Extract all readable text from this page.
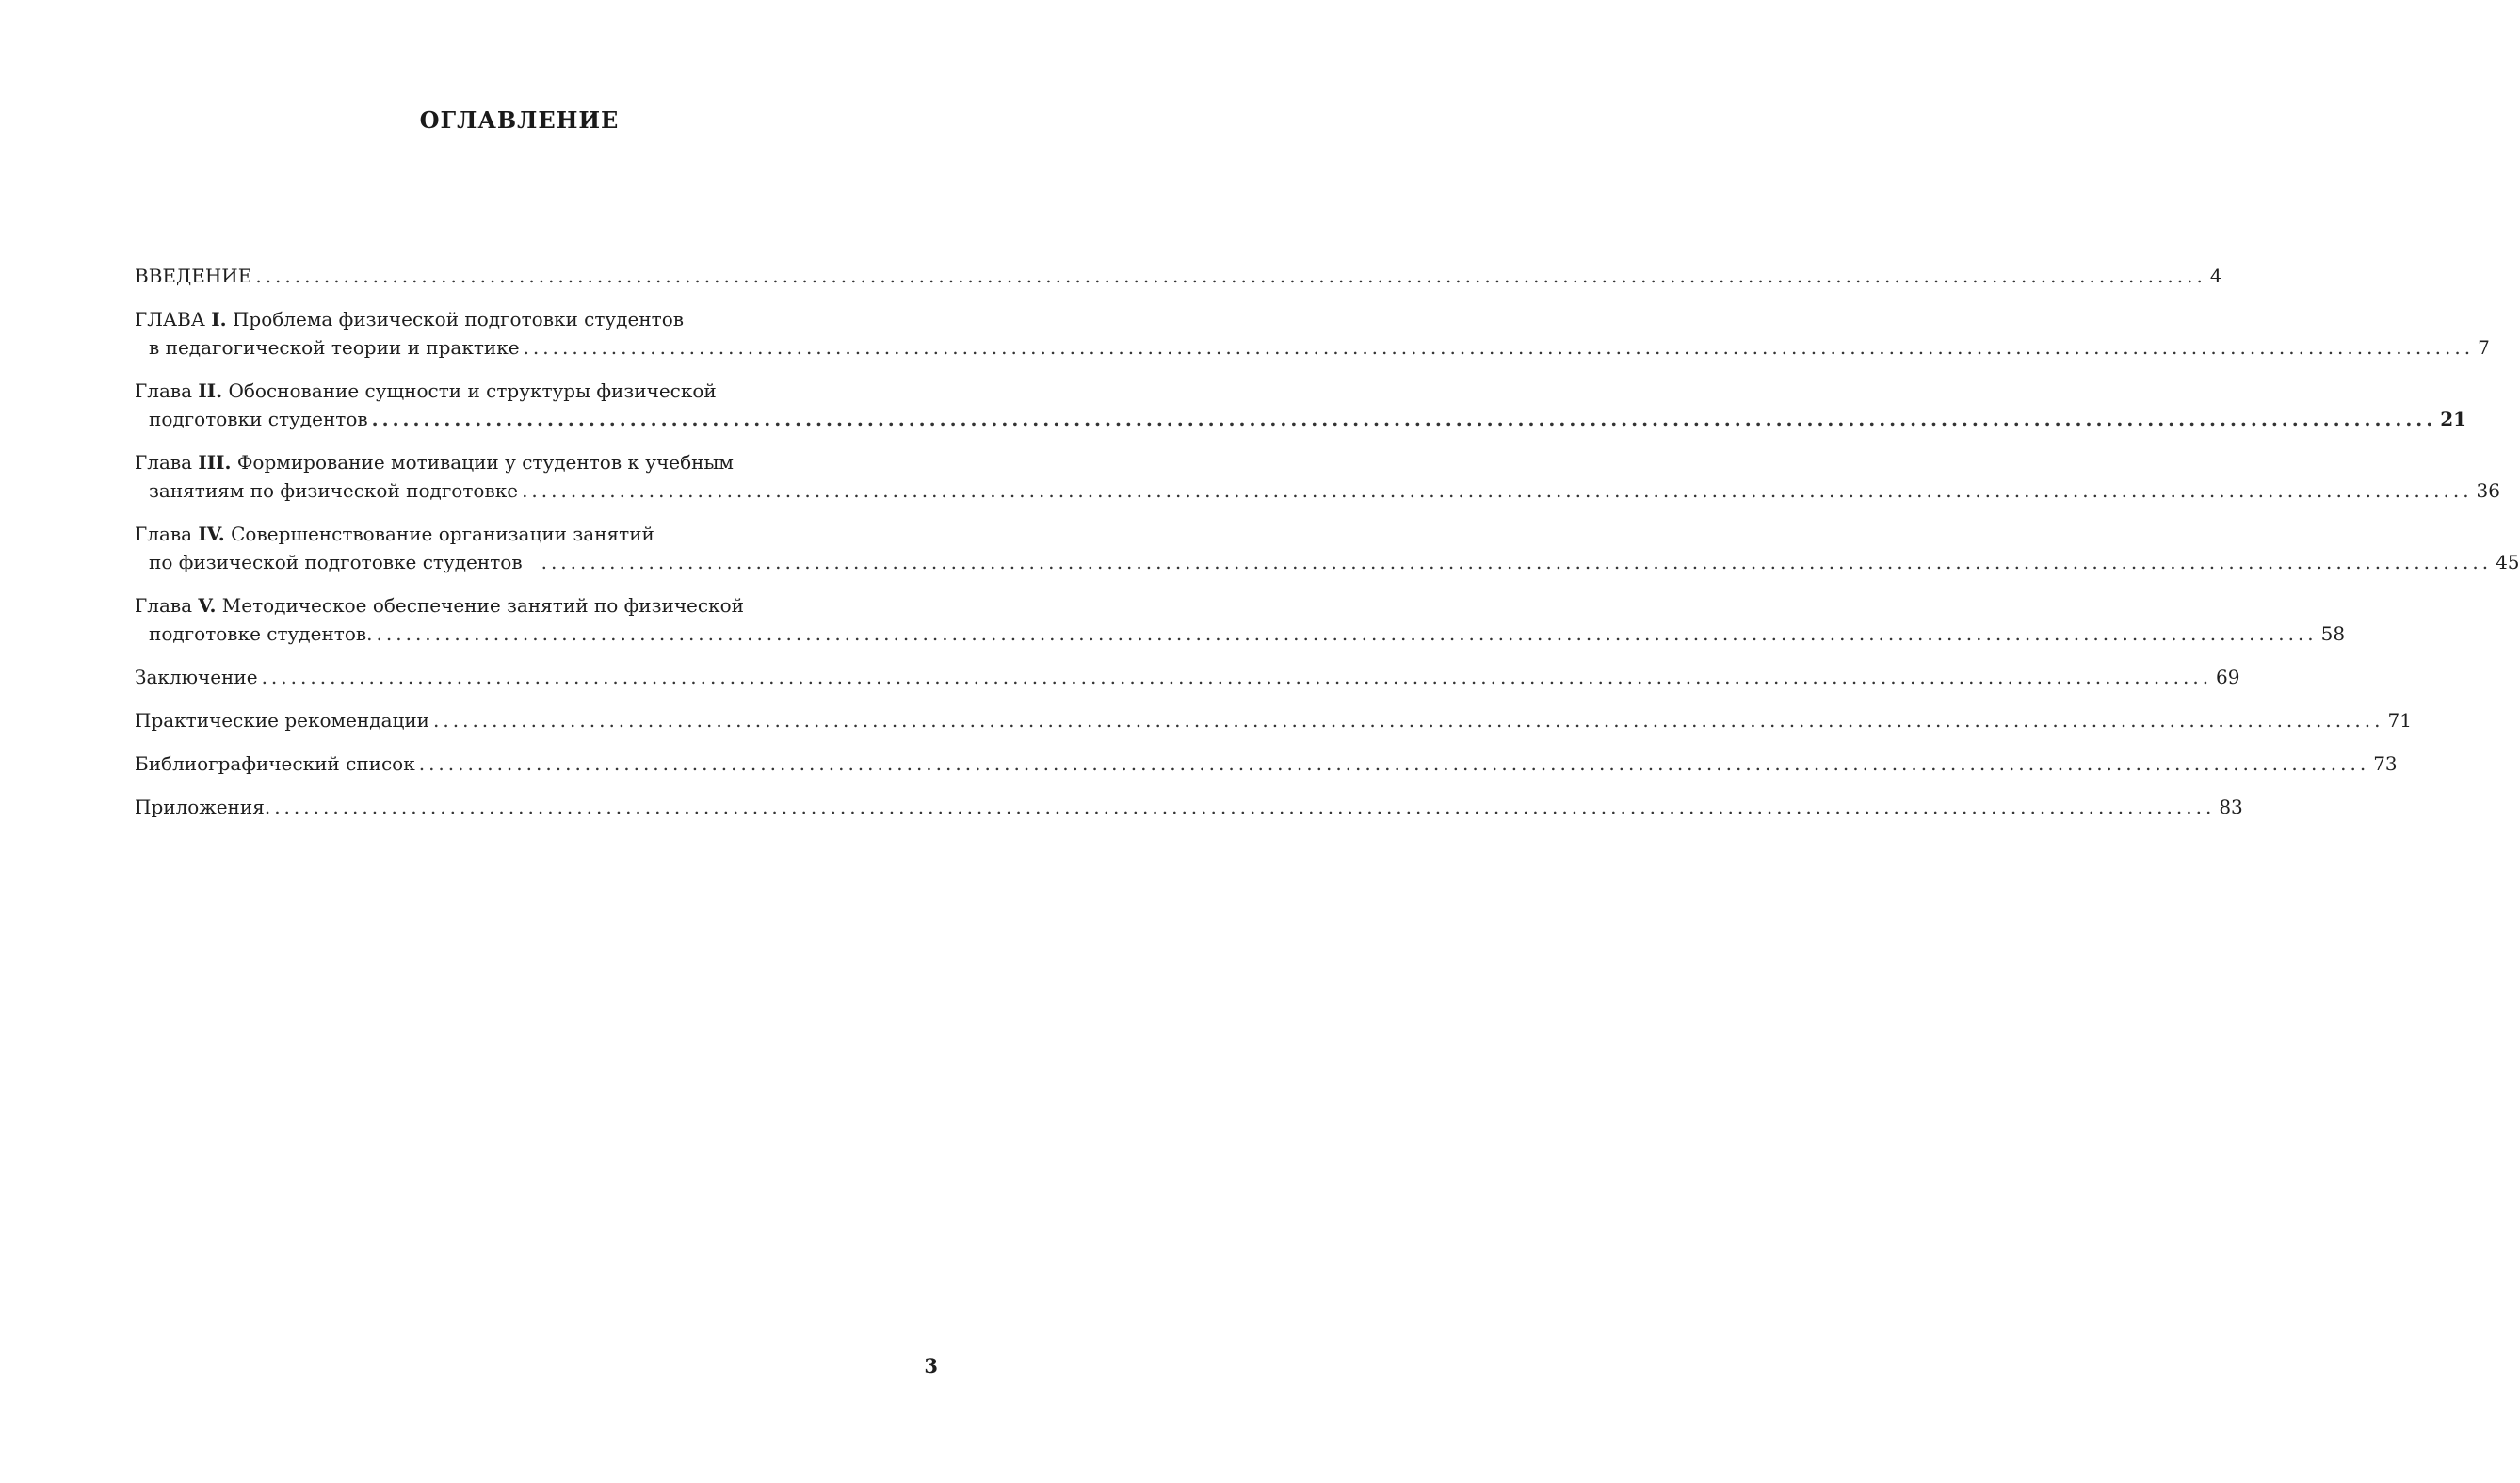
ОГЛАВЛЕНИЕ
ВВЕДЕНИЕ ........................................................................................................................................................................................................ 4
ГЛАВА I. Проблема физической подготовки студентов
в педагогической теории и практике ........................................................................................................................................................................................................ 7
Глава II. Обоснование сущности и структуры физической
подготовки студентов ........................................................................................................................................................................................................ 21
Глава III. Формирование мотивации у студентов к учебным
занятиям по физической подготовке ........................................................................................................................................................................................................ 36
Глава IV. Совершенствование организации занятий
по физической подготовке студентов ........................................................................................................................................................................................................ 45
Глава V. Методическое обеспечение занятий по физической
подготовке студентов ........................................................................................................................................................................................................ 58
Заключение ........................................................................................................................................................................................................ 69
Практические рекомендации ........................................................................................................................................................................................................ 71
Библиографический список ........................................................................................................................................................................................................ 73
Приложения ........................................................................................................................................................................................................ 83
3
